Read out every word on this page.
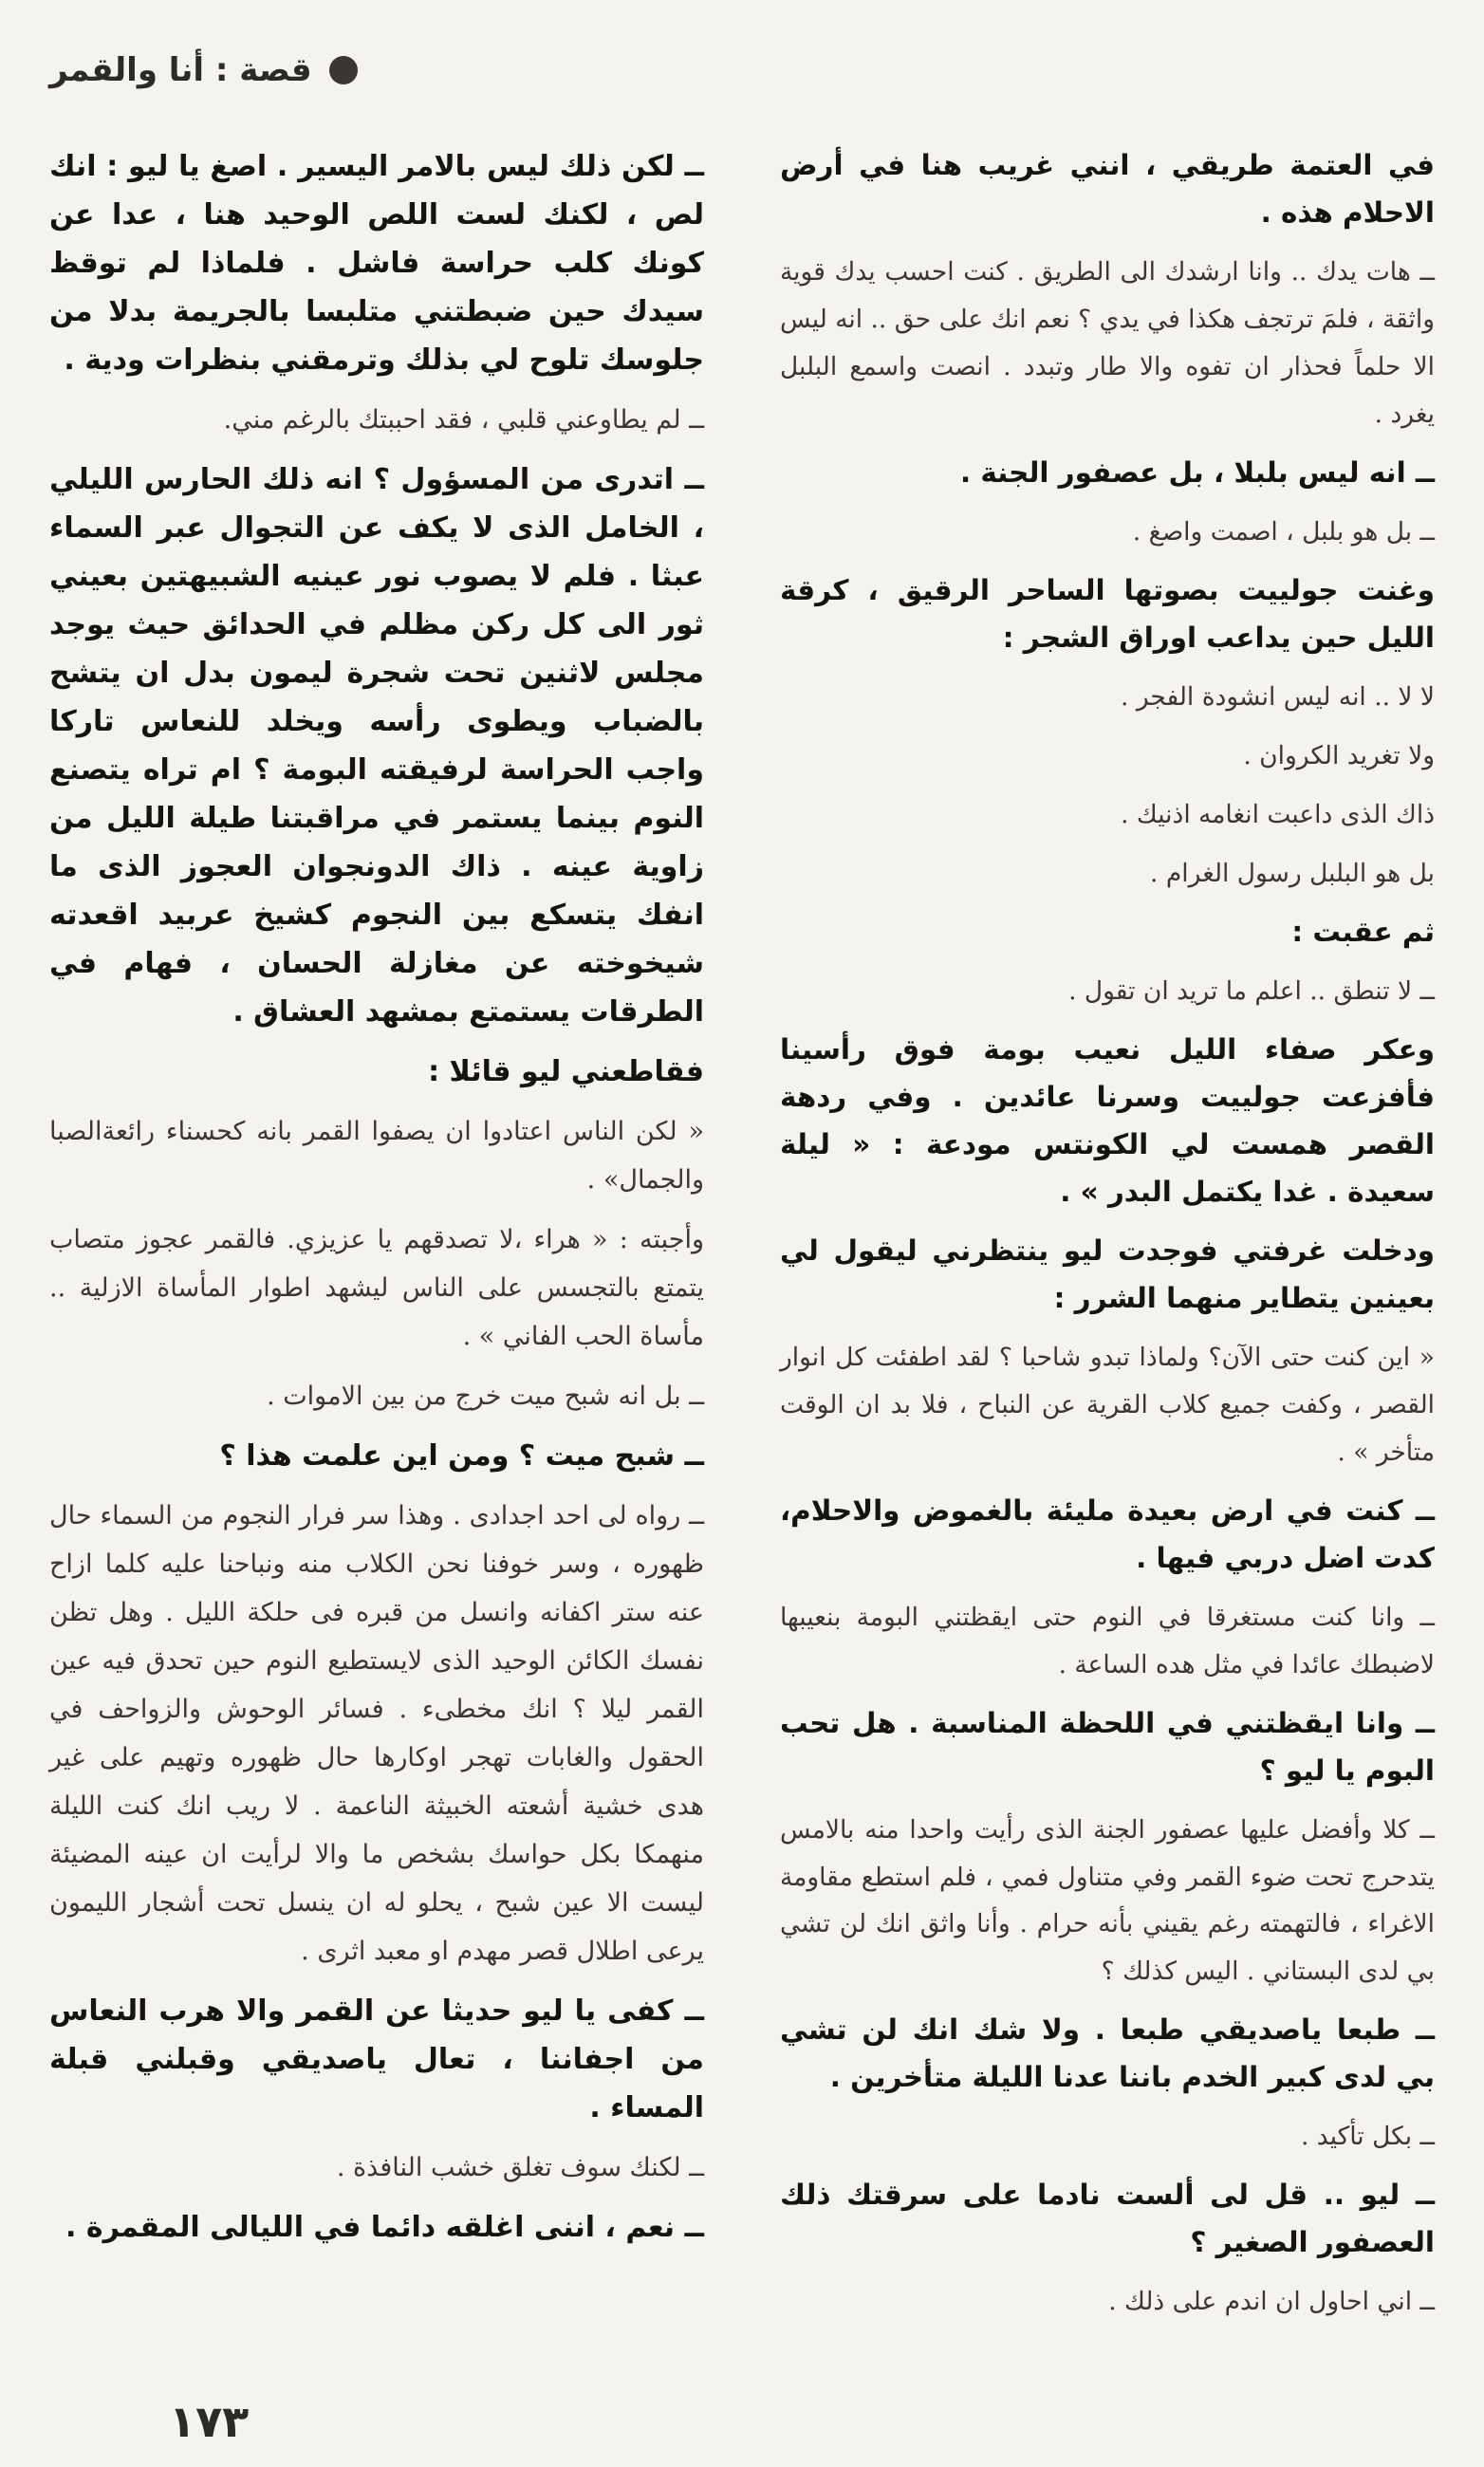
قصة : أنا والقمر

في العتمة طريقي ، انني غريب هنا في أرض الاحلام هذه .

ــ هات يدك .. وانا ارشدك الى الطريق . كنت احسب يدك قوية واثقة ، فلمَ ترتجف هكذا في يدي ؟ نعم انك على حق .. انه ليس الا حلماً فحذار ان تفوه والا طار وتبدد . انصت واسمع البلبل يغرد .

ــ انه ليس بلبلا ، بل عصفور الجنة .

ــ بل هو بلبل ، اصمت واصغ .

وغنت جولييت بصوتها الساحر الرقيق ، كرقة الليل حين يداعب اوراق الشجر :

لا لا .. انه ليس انشودة الفجر .

ولا تغريد الكروان .

ذاك الذى داعبت انغامه اذنيك .

بل هو البلبل رسول الغرام .

ثم عقبت :

ــ لا تنطق .. اعلم ما تريد ان تقول .

وعكر صفاء الليل نعيب بومة فوق رأسينا فأفزعت جولييت وسرنا عائدين . وفي ردهة القصر همست لي الكونتس مودعة : « ليلة سعيدة . غدا يكتمل البدر » .

ودخلت غرفتي فوجدت ليو ينتظرني ليقول لي بعينين يتطاير منهما الشرر :

« اين كنت حتى الآن؟ ولماذا تبدو شاحبا ؟ لقد اطفئت كل انوار القصر ، وكفت جميع كلاب القرية عن النباح ، فلا بد ان الوقت متأخر » .

ــ كنت في ارض بعيدة مليئة بالغموض والاحلام، كدت اضل دربي فيها .

ــ وانا كنت مستغرقا في النوم حتى ايقظتني البومة بنعيبها لاضبطك عائدا في مثل هده الساعة .

ــ وانا ايقظتني في اللحظة المناسبة . هل تحب البوم يا ليو ؟

ــ كلا وأفضل عليها عصفور الجنة الذى رأيت واحدا منه بالامس يتدحرج تحت ضوء القمر وفي متناول فمي ، فلم استطع مقاومة الاغراء ، فالتهمته رغم يقيني بأنه حرام . وأنا واثق انك لن تشي بي لدى البستاني . اليس كذلك ؟

ــ طبعا ياصديقي طبعا . ولا شك انك لن تشي بي لدى كبير الخدم باننا عدنا الليلة متأخرين .

ــ بكل تأكيد .

ــ ليو .. قل لى ألست نادما على سرقتك ذلك العصفور الصغير ؟

ــ اني احاول ان اندم على ذلك .

ــ لكن ذلك ليس بالامر اليسير . اصغ يا ليو : انك لص ، لكنك لست اللص الوحيد هنا ، عدا عن كونك كلب حراسة فاشل . فلماذا لم توقظ سيدك حين ضبطتني متلبسا بالجريمة بدلا من جلوسك تلوح لي بذلك وترمقني بنظرات ودية .

ــ لم يطاوعني قلبي ، فقد احببتك بالرغم مني.

ــ اتدرى من المسؤول ؟ انه ذلك الحارس الليلي ، الخامل الذى لا يكف عن التجوال عبر السماء عبثا . فلم لا يصوب نور عينيه الشبيهتين بعيني ثور الى كل ركن مظلم في الحدائق حيث يوجد مجلس لاثنين تحت شجرة ليمون بدل ان يتشح بالضباب ويطوى رأسه ويخلد للنعاس تاركا واجب الحراسة لرفيقته البومة ؟ ام تراه يتصنع النوم بينما يستمر في مراقبتنا طيلة الليل من زاوية عينه . ذاك الدونجوان العجوز الذى ما انفك يتسكع بين النجوم كشيخ عربيد اقعدته شيخوخته عن مغازلة الحسان ، فهام في الطرقات يستمتع بمشهد العشاق .

فقاطعني ليو قائلا :

« لكن الناس اعتادوا ان يصفوا القمر بانه كحسناء رائعةالصبا والجمال» .

وأجبته : « هراء ،لا تصدقهم يا عزيزي. فالقمر عجوز متصاب يتمتع بالتجسس على الناس ليشهد اطوار المأساة الازلية .. مأساة الحب الفاني » .

ــ بل انه شبح ميت خرج من بين الاموات .

ــ شبح ميت ؟ ومن اين علمت هذا ؟

ــ رواه لى احد اجدادى . وهذا سر فرار النجوم من السماء حال ظهوره ، وسر خوفنا نحن الكلاب منه ونباحنا عليه كلما ازاح عنه ستر اكفانه وانسل من قبره فى حلكة الليل . وهل تظن نفسك الكائن الوحيد الذى لايستطيع النوم حين تحدق فيه عين القمر ليلا ؟ انك مخطىء . فسائر الوحوش والزواحف في الحقول والغابات تهجر اوكارها حال ظهوره وتهيم على غير هدى خشية أشعته الخبيثة الناعمة . لا ريب انك كنت الليلة منهمكا بكل حواسك بشخص ما والا لرأيت ان عينه المضيئة ليست الا عين شبح ، يحلو له ان ينسل تحت أشجار الليمون يرعى اطلال قصر مهدم او معبد اثرى .

ــ كفى يا ليو حديثا عن القمر والا هرب النعاس من اجفاننا ، تعال ياصديقي وقبلني قبلة المساء .

ــ لكنك سوف تغلق خشب النافذة .

ــ نعم ، اننى اغلقه دائما في الليالى المقمرة .

١٧٣
